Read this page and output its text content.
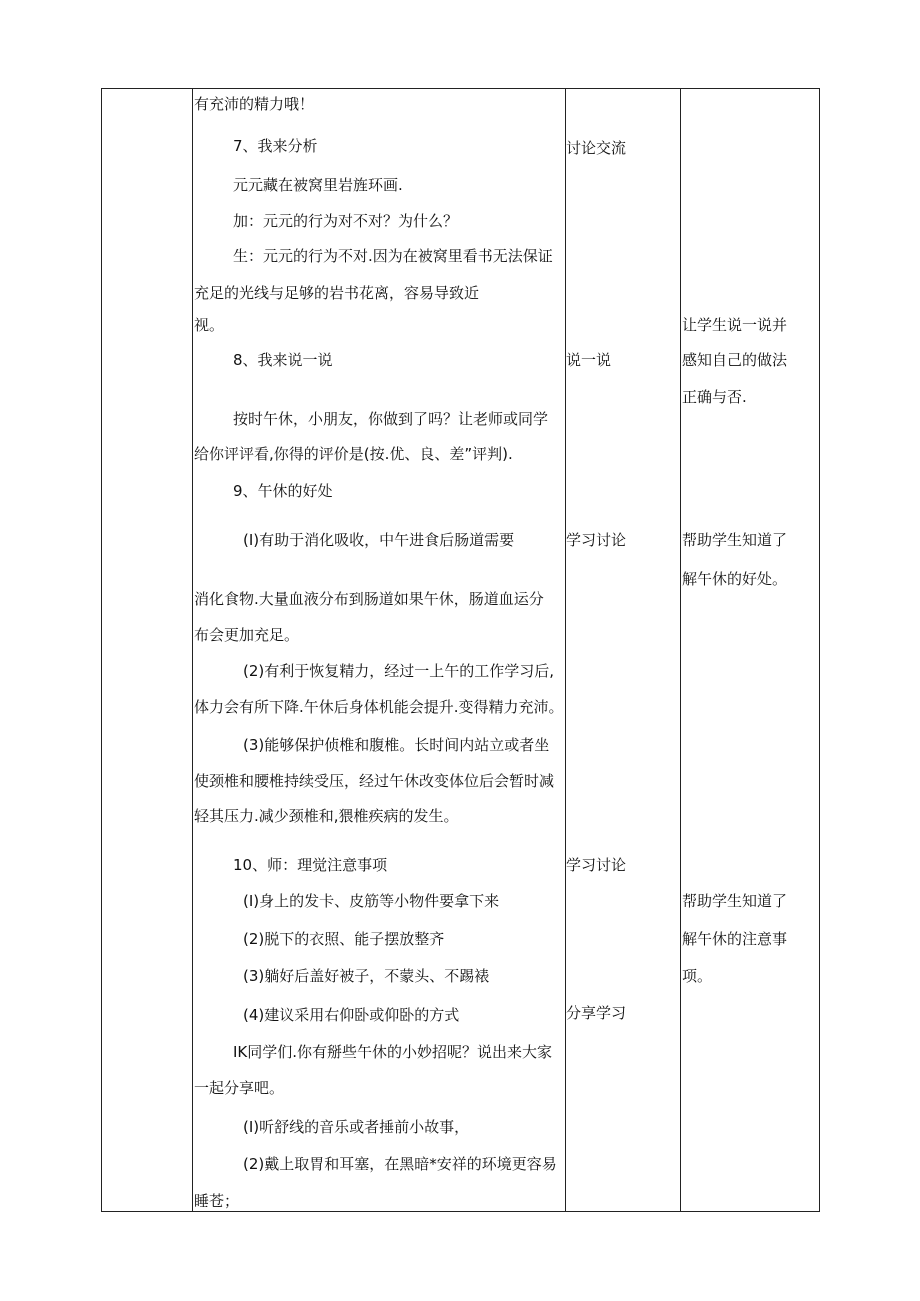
有充沛的精力哦！
7、我来分析
元元藏在被窝里岩旌环画.
加：元元的行为对不对？为什么？
生：元元的行为不对.因为在被窝里看书无法保证
充足的光线与足够的岩书花离，容易导致近
视。
8、我来说一说
按时午休，小朋友，你做到了吗？让老师或同学
给你评评看,你得的评价是(按.优、良、差”评判).
9、午休的好处
(I)有助于消化吸收，中午进食后肠道需要
消化食物.大量血液分布到肠道如果午休，肠道血运分
布会更加充足。
(2)有利于恢复精力，经过一上午的工作学习后,
体力会有所下降.午休后身体机能会提升.变得精力充沛。
(3)能够保护侦椎和腹椎。长时间内站立或者坐
使颈椎和腰椎持续受压，经过午休改变体位后会暂时减
轻其压力.减少颈椎和,猥椎疾病的发生。
10、师：理觉注意事项
(I)身上的发卡、皮筋等小物件要拿下来
(2)脱下的衣照、能子摆放整齐
(3)躺好后盖好被子，不蒙头、不踢裱
(4)建议采用右仰卧或仰卧的方式
IK同学们.你有掰些午休的小妙招呢？说出来大家
一起分享吧。
(I)听舒线的音乐或者捶前小故事，
(2)戴上取胃和耳塞，在黑暗*安祥的环境更容易
睡苍；
讨论交流
说一说
学习讨论
学习讨论
分享学习
让学生说一说并
感知自己的做法
正确与否.
帮助学生知道了
解午休的好处。
帮助学生知道了
解午休的注意事
项。
